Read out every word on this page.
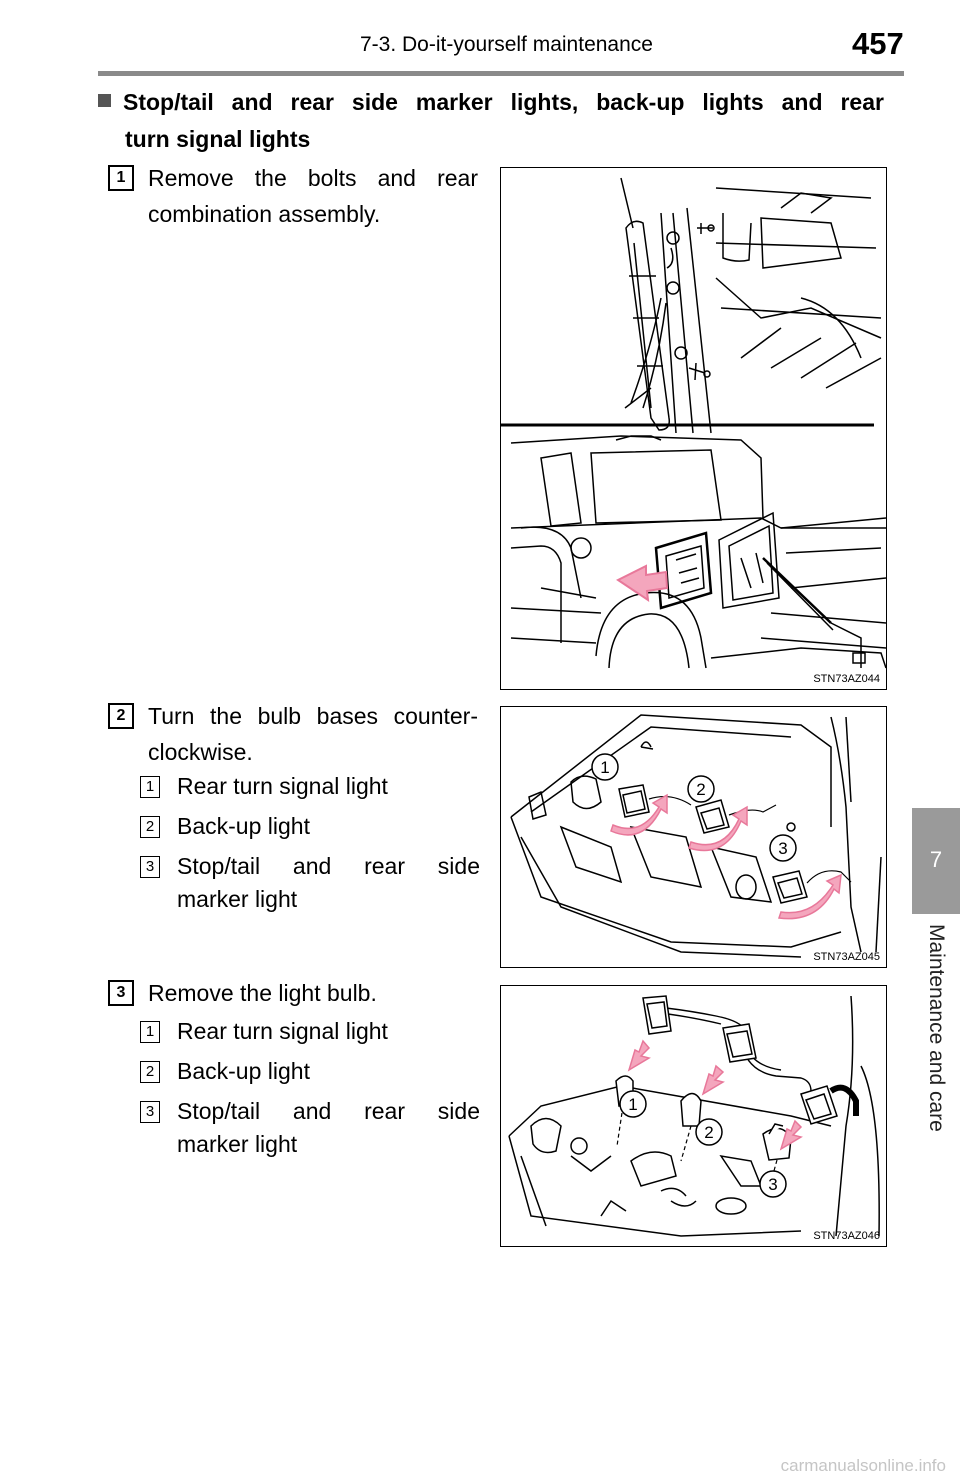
7-3. Do-it-yourself maintenance	457
7
Maintenance and care
Stop/tail and rear side marker lights, back-up lights and rear
turn signal lights
1 Remove the bolts and rear
combination assembly.
STN73AZ044
2 Turn the bulb bases counter-
clockwise.
1 Rear turn signal light
2 Back-up light
3 Stop/tail and rear side
marker light
1
2
3
STN73AZ045
3 Remove the light bulb.
1 Rear turn signal light
2 Back-up light
3 Stop/tail and rear side
marker light
1
2
3
STN73AZ046
carmanualsonline.info
